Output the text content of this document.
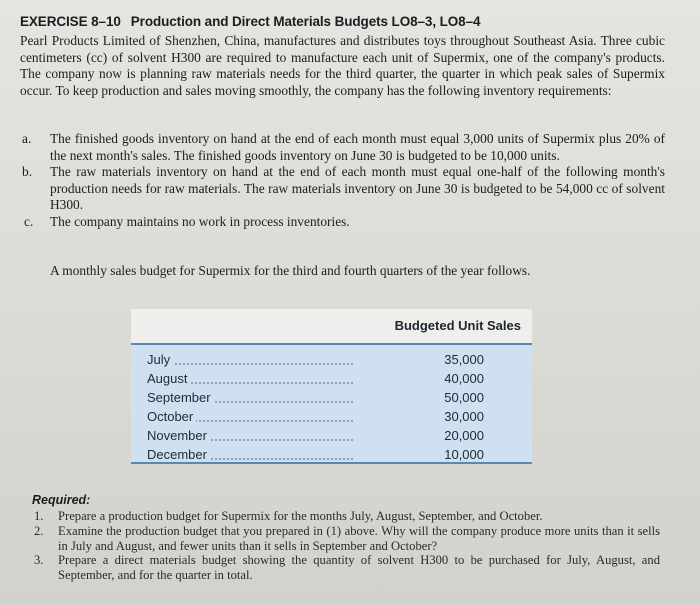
EXERCISE 8–10 Production and Direct Materials Budgets LO8–3, LO8–4
Pearl Products Limited of Shenzhen, China, manufactures and distributes toys throughout Southeast Asia. Three cubic centimeters (cc) of solvent H300 are required to manufacture each unit of Supermix, one of the company's products. The company now is planning raw materials needs for the third quarter, the quarter in which peak sales of Supermix occur. To keep production and sales moving smoothly, the company has the following inventory requirements:
a. The finished goods inventory on hand at the end of each month must equal 3,000 units of Supermix plus 20% of the next month's sales. The finished goods inventory on June 30 is budgeted to be 10,000 units.
b. The raw materials inventory on hand at the end of each month must equal one-half of the following month's production needs for raw materials. The raw materials inventory on June 30 is budgeted to be 54,000 cc of solvent H300.
c. The company maintains no work in process inventories.
A monthly sales budget for Supermix for the third and fourth quarters of the year follows.
Budgeted Unit Sales
July	35,000
August	40,000
September	50,000
October	30,000
November	20,000
December	10,000
Required:
1. Prepare a production budget for Supermix for the months July, August, September, and October.
2. Examine the production budget that you prepared in (1) above. Why will the company produce more units than it sells in July and August, and fewer units than it sells in September and October?
3. Prepare a direct materials budget showing the quantity of solvent H300 to be purchased for July, August, and September, and for the quarter in total.
